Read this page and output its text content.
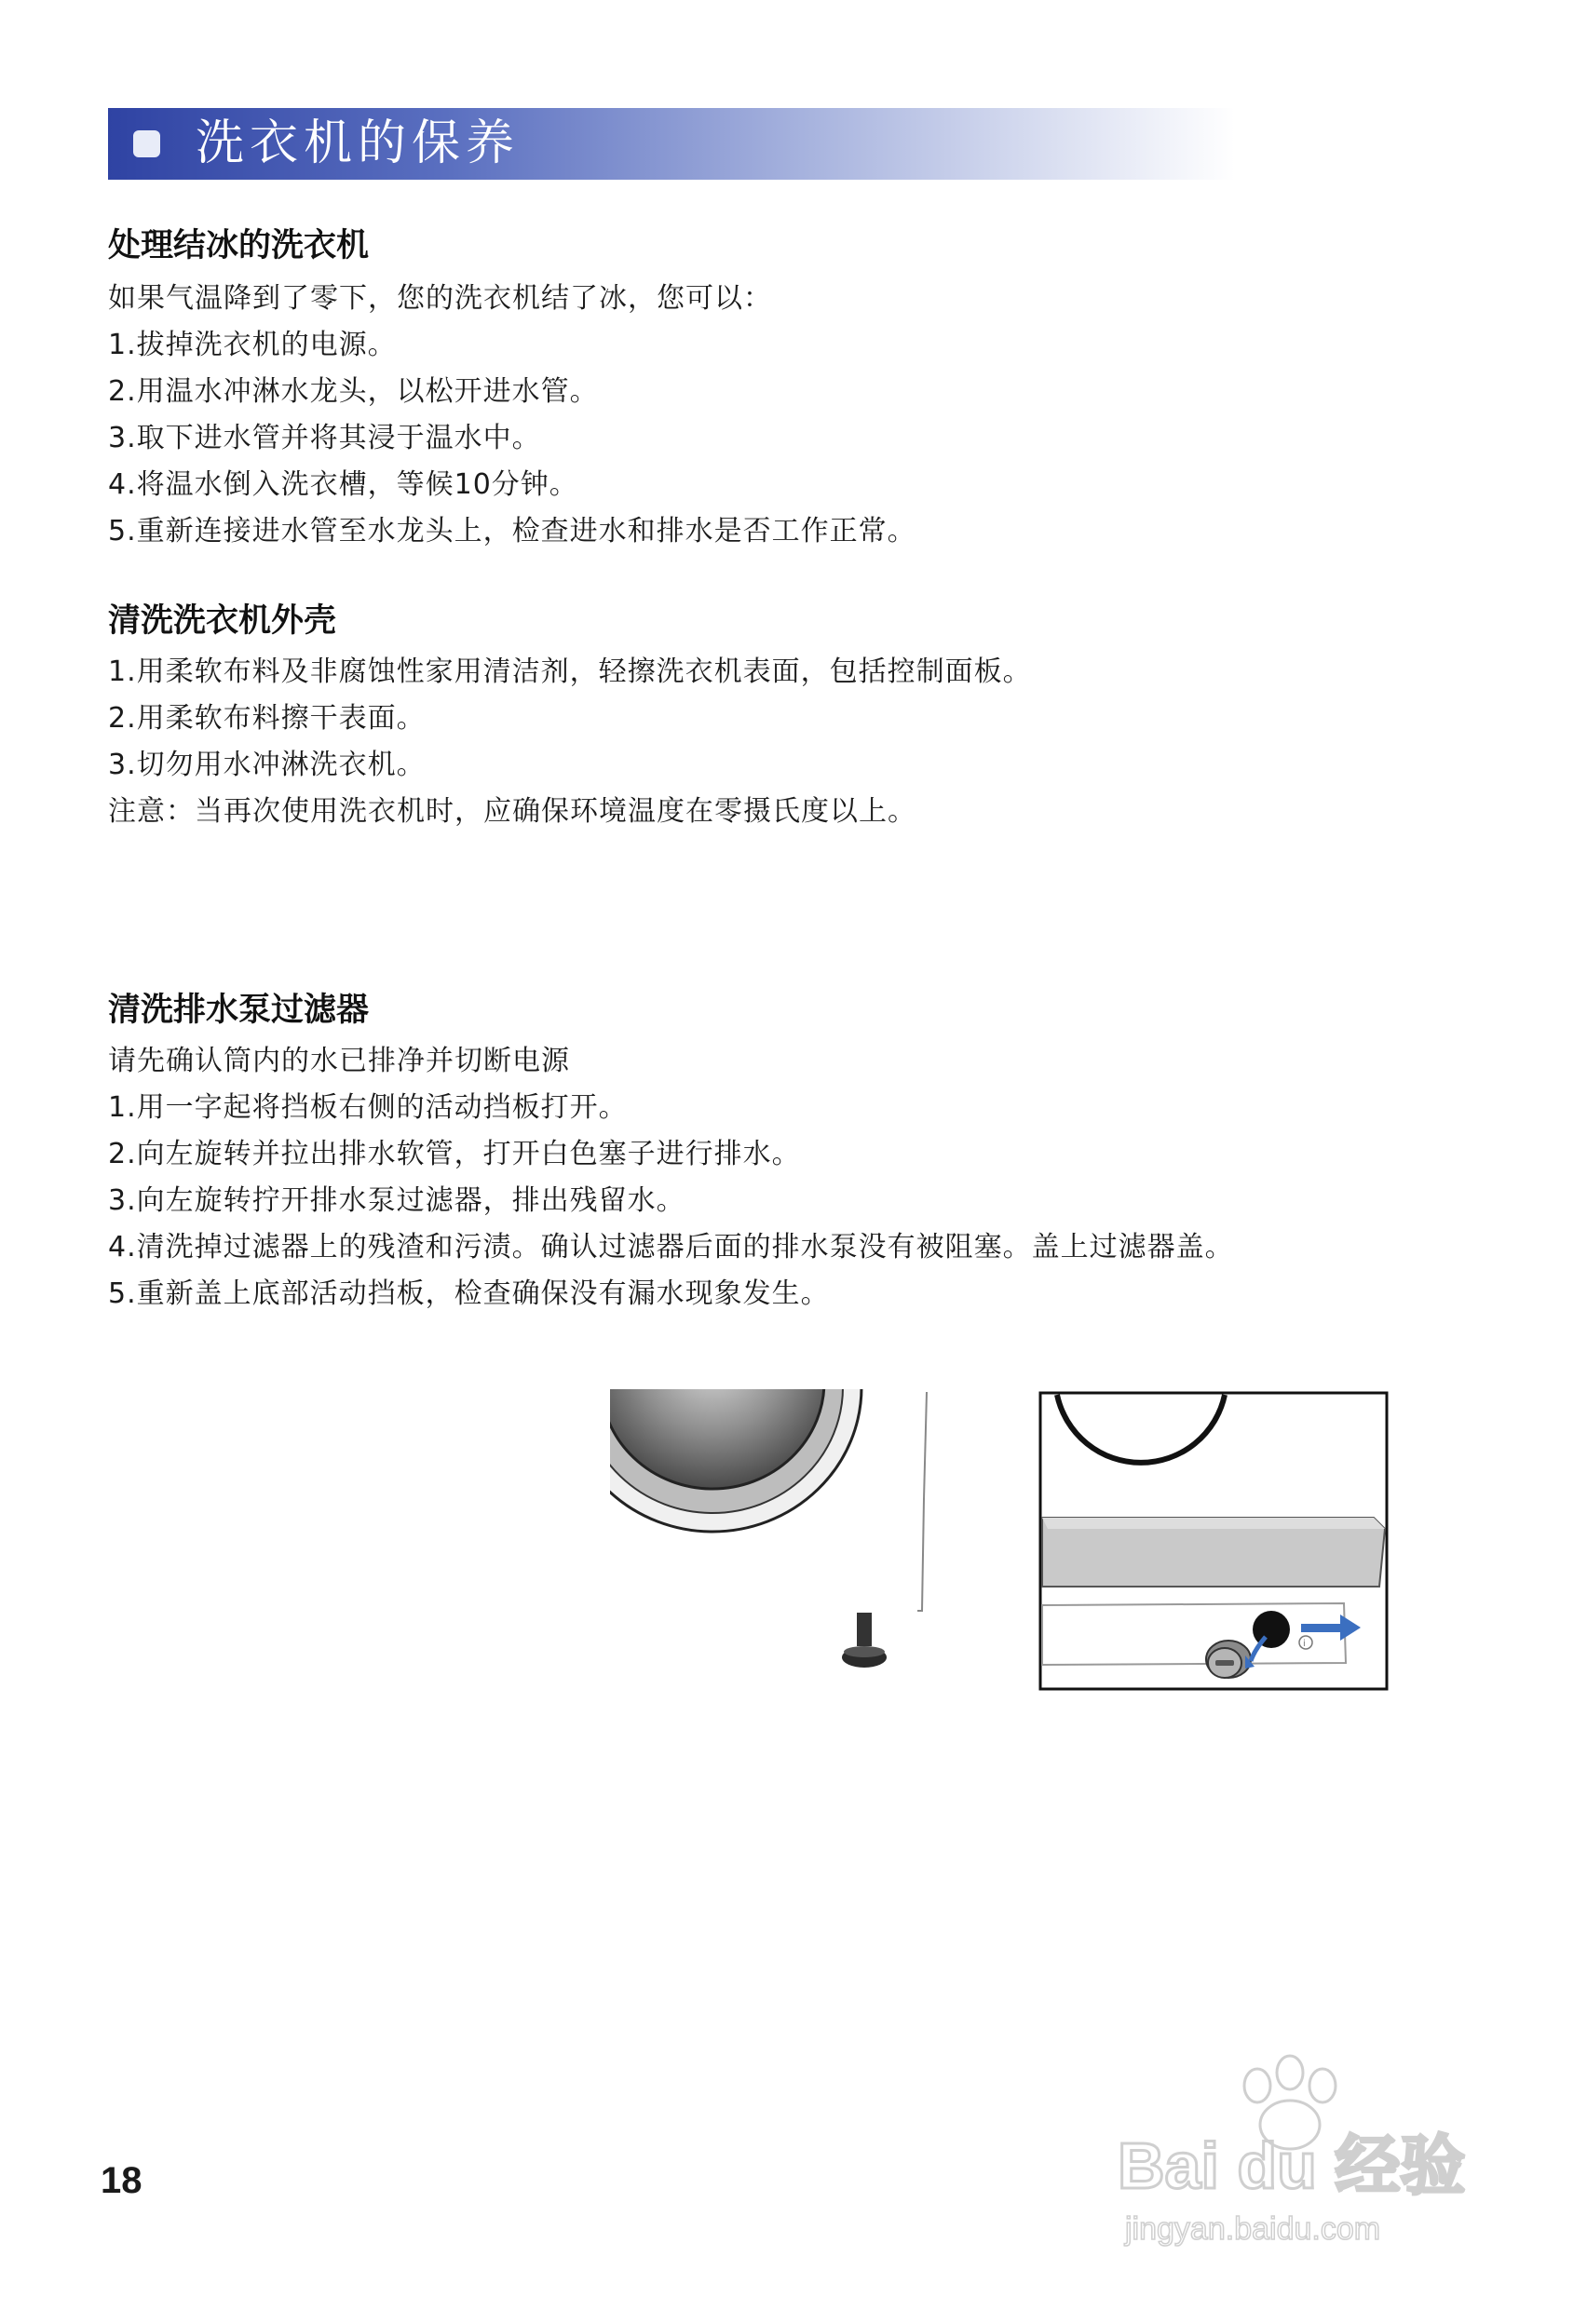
洗衣机的保养
处理结冰的洗衣机
如果气温降到了零下，您的洗衣机结了冰，您可以：
1.拔掉洗衣机的电源。
2.用温水冲淋水龙头，以松开进水管。
3.取下进水管并将其浸于温水中。
4.将温水倒入洗衣槽，等候10分钟。
5.重新连接进水管至水龙头上，检查进水和排水是否工作正常。
清洗洗衣机外壳
1.用柔软布料及非腐蚀性家用清洁剂，轻擦洗衣机表面，包括控制面板。
2.用柔软布料擦干表面。
3.切勿用水冲淋洗衣机。
注意：当再次使用洗衣机时，应确保环境温度在零摄氏度以上。
清洗排水泵过滤器
请先确认筒内的水已排净并切断电源
1.用一字起将挡板右侧的活动挡板打开。
2.向左旋转并拉出排水软管，打开白色塞子进行排水。
3.向左旋转拧开排水泵过滤器，排出残留水。
4.清洗掉过滤器上的残渣和污渍。确认过滤器后面的排水泵没有被阻塞。盖上过滤器盖。
5.重新盖上底部活动挡板，检查确保没有漏水现象发生。
i
18	Bai du 经验
jingyan.baidu.com
